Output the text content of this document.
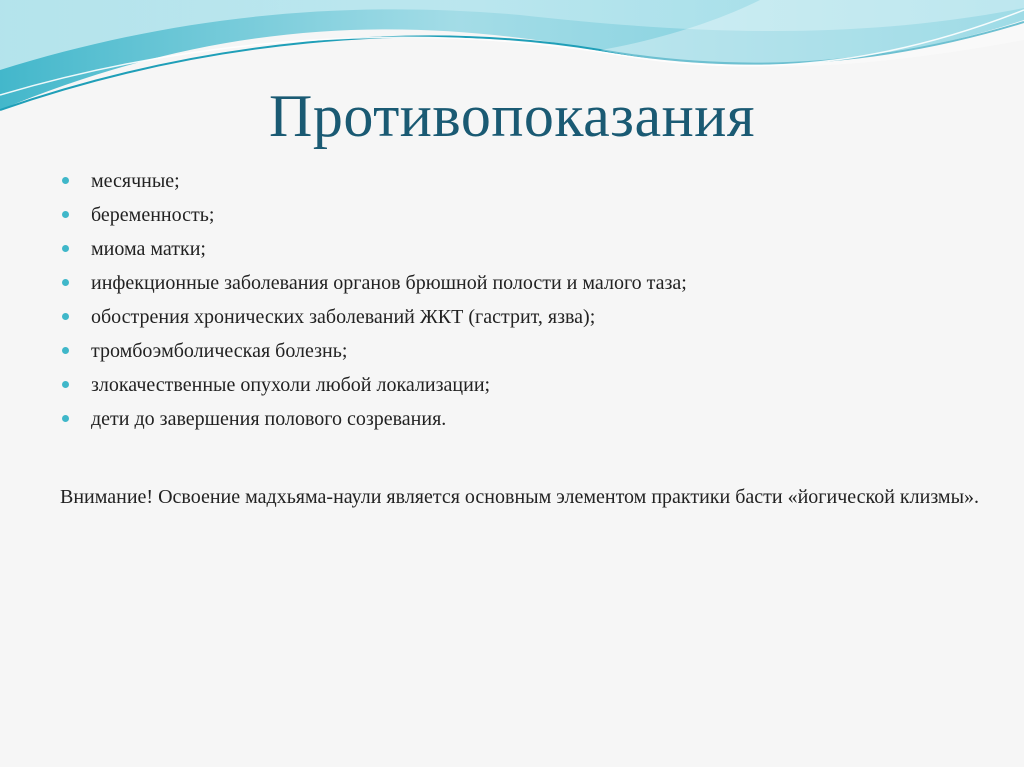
Противопоказания
месячные;
беременность;
миома матки;
инфекционные заболевания органов брюшной полости и малого таза;
обострения хронических заболеваний ЖКТ (гастрит, язва);
тромбоэмболическая болезнь;
злокачественные опухоли любой локализации;
дети до завершения полового созревания.

Внимание! Освоение мадхьяма-наули является основным элементом практики басти «йогической клизмы».
